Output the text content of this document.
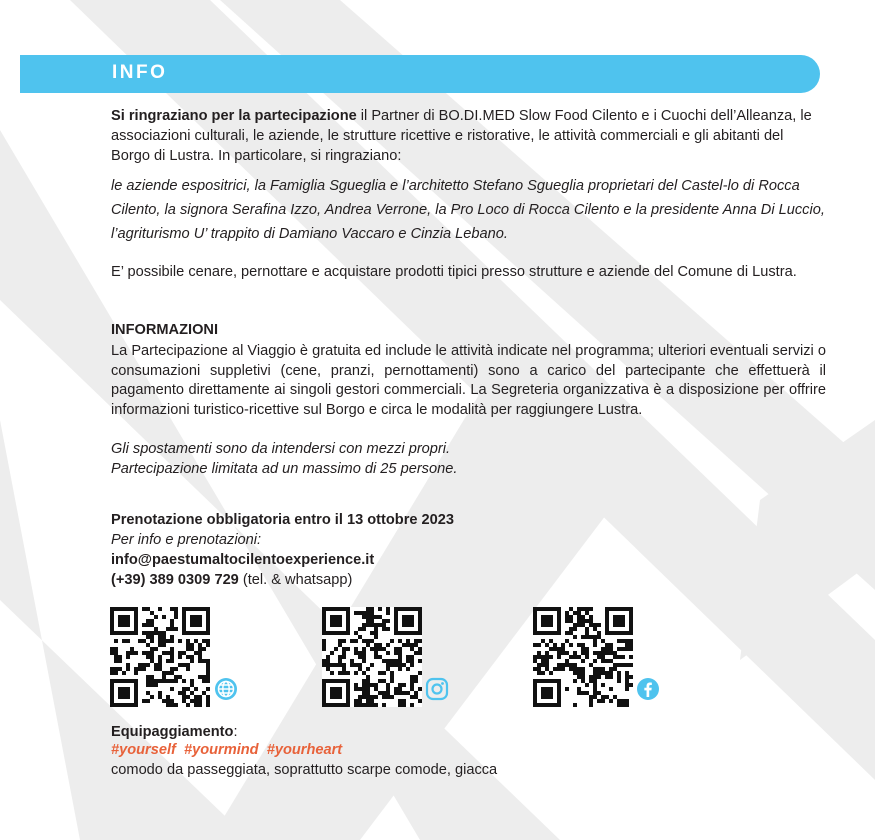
INFO

Si ringraziano per la partecipazione il Partner di BO.DI.MED Slow Food Cilento e i Cuochi dell’Alleanza, le associazioni culturali, le aziende, le strutture ricettive e ristorative, le attività commerciali e gli abitanti del Borgo di Lustra. In particolare, si ringraziano:

le aziende espositrici, la Famiglia Sgueglia e l’architetto Stefano Sgueglia proprietari del Castel-lo di Rocca Cilento, la signora Serafina Izzo, Andrea Verrone, la Pro Loco di Rocca Cilento e la presidente Anna Di Luccio, l’agriturismo U’ trappito di Damiano Vaccaro e Cinzia Lebano.

E’ possibile cenare, pernottare e acquistare prodotti tipici presso strutture e aziende del Comune di Lustra.

INFORMAZIONI

La Partecipazione al Viaggio è gratuita ed include le attività indicate nel programma; ulteriori eventuali servizi o consumazioni suppletivi (cene, pranzi, pernottamenti) sono a carico del partecipante che effettuerà il pagamento direttamente ai singoli gestori commerciali. La Segreteria organizzativa è a disposizione per offrire informazioni turistico-ricettive sul Borgo e circa le modalità per raggiungere Lustra.

Gli spostamenti sono da intendersi con mezzi propri.

Partecipazione limitata ad un massimo di 25 persone.

Prenotazione obbligatoria entro il 13 ottobre 2023

Per info e prenotazioni:

info@paestumaltocilentoexperience.it

(+39) 389 0309 729 (tel. & whatsapp)

Equipaggiamento:

#yourself  #yourmind  #yourheart

comodo da passeggiata, soprattutto scarpe comode, giacca
